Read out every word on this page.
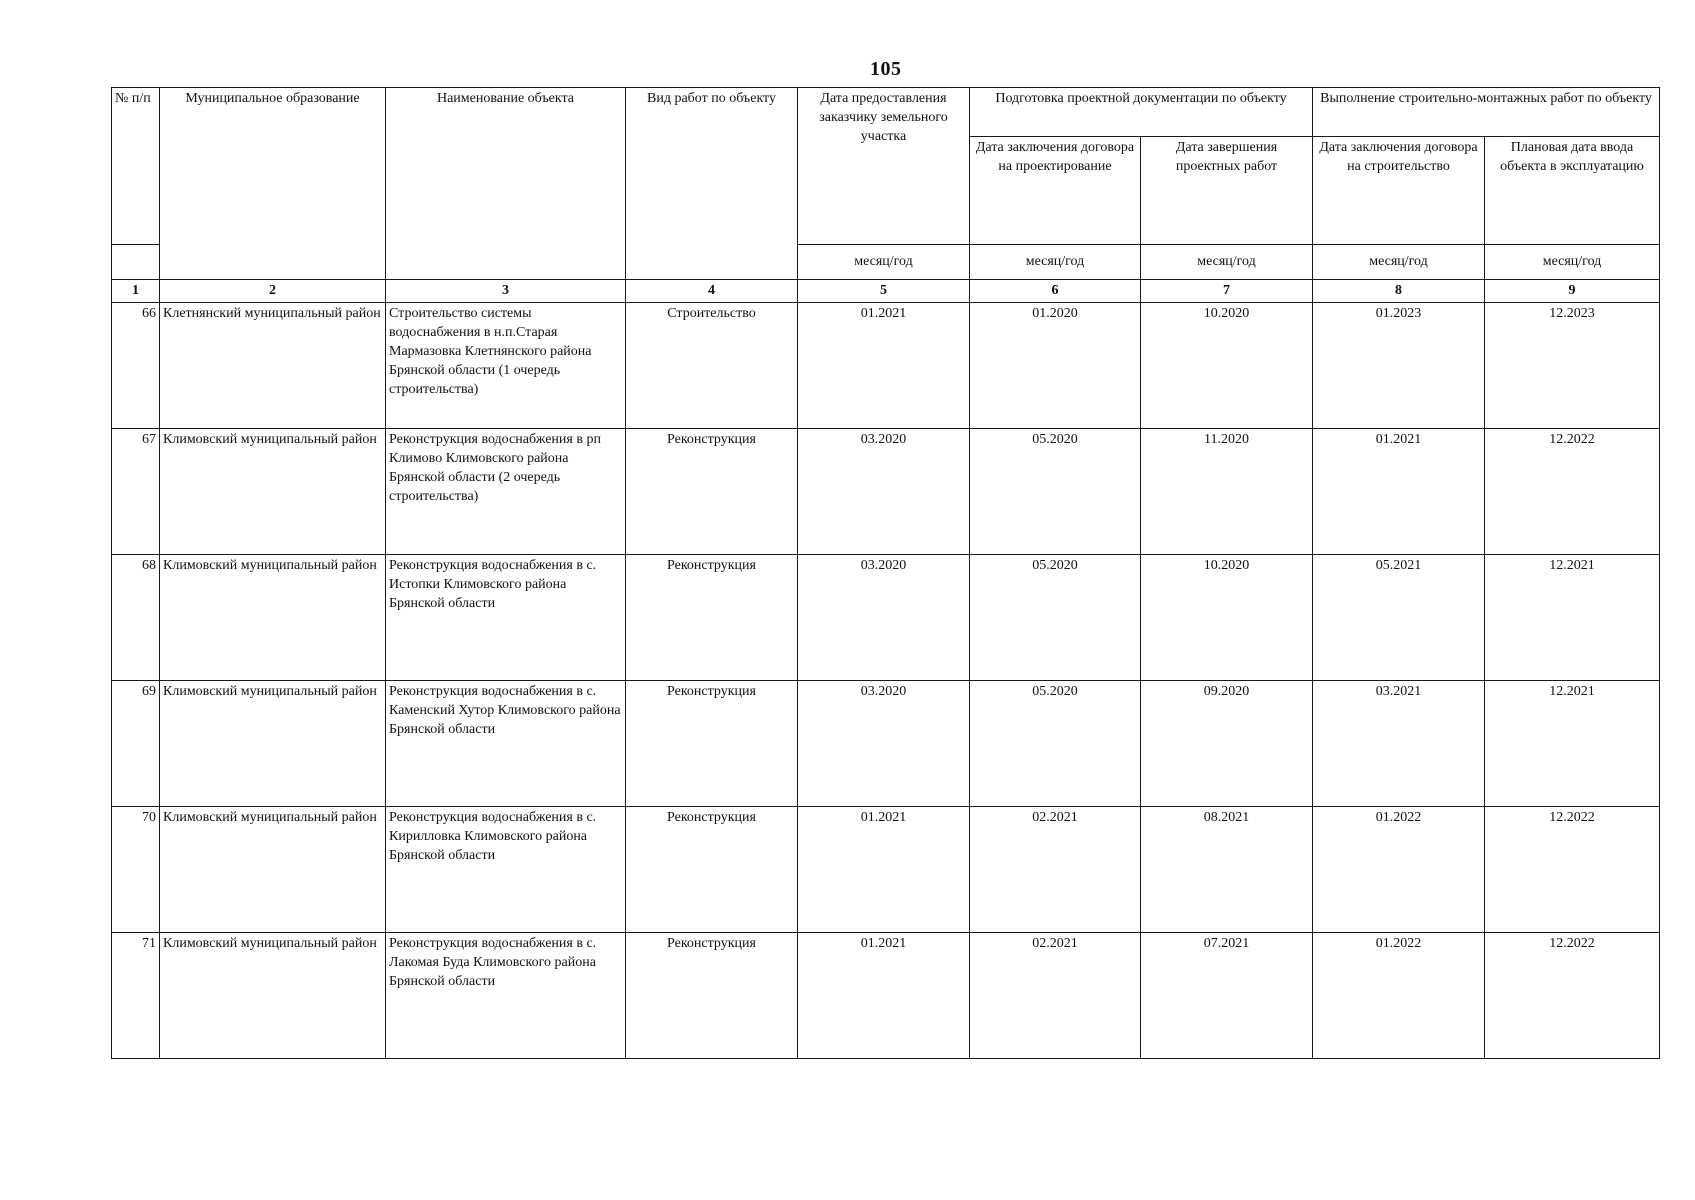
105
№ п/п	Муниципальное образование	Наименование объекта	Вид работ по объекту	Дата предоставления заказчику земельного участка	Подготовка проектной документации по объекту		Выполнение строительно-монтажных работ по объекту	
					Дата заключения договора на проектирование	Дата завершения проектных работ	Дата заключения договора на строительство	Плановая дата ввода объекта в эксплуатацию
				месяц/год	месяц/год	месяц/год	месяц/год	месяц/год
1	2	3	4	5	6	7	8	9
66	Клетнянский муниципальный район	Строительство системы водоснабжения в н.п.Старая Мармазовка Клетнянского района Брянской области (1 очередь строительства)	Строительство	01.2021	01.2020	10.2020	01.2023	12.2023
67	Климовский муниципальный район	Реконструкция водоснабжения в рп Климово Климовского района Брянской области (2 очередь строительства)	Реконструкция	03.2020	05.2020	11.2020	01.2021	12.2022
68	Климовский муниципальный район	Реконструкция водоснабжения в с. Истопки Климовского района Брянской области	Реконструкция	03.2020	05.2020	10.2020	05.2021	12.2021
69	Климовский муниципальный район	Реконструкция водоснабжения в с. Каменский Хутор Климовского района Брянской области	Реконструкция	03.2020	05.2020	09.2020	03.2021	12.2021
70	Климовский муниципальный район	Реконструкция водоснабжения в с. Кирилловка Климовского района Брянской области	Реконструкция	01.2021	02.2021	08.2021	01.2022	12.2022
71	Климовский муниципальный район	Реконструкция водоснабжения в с. Лакомая Буда Климовского района Брянской области	Реконструкция	01.2021	02.2021	07.2021	01.2022	12.2022
